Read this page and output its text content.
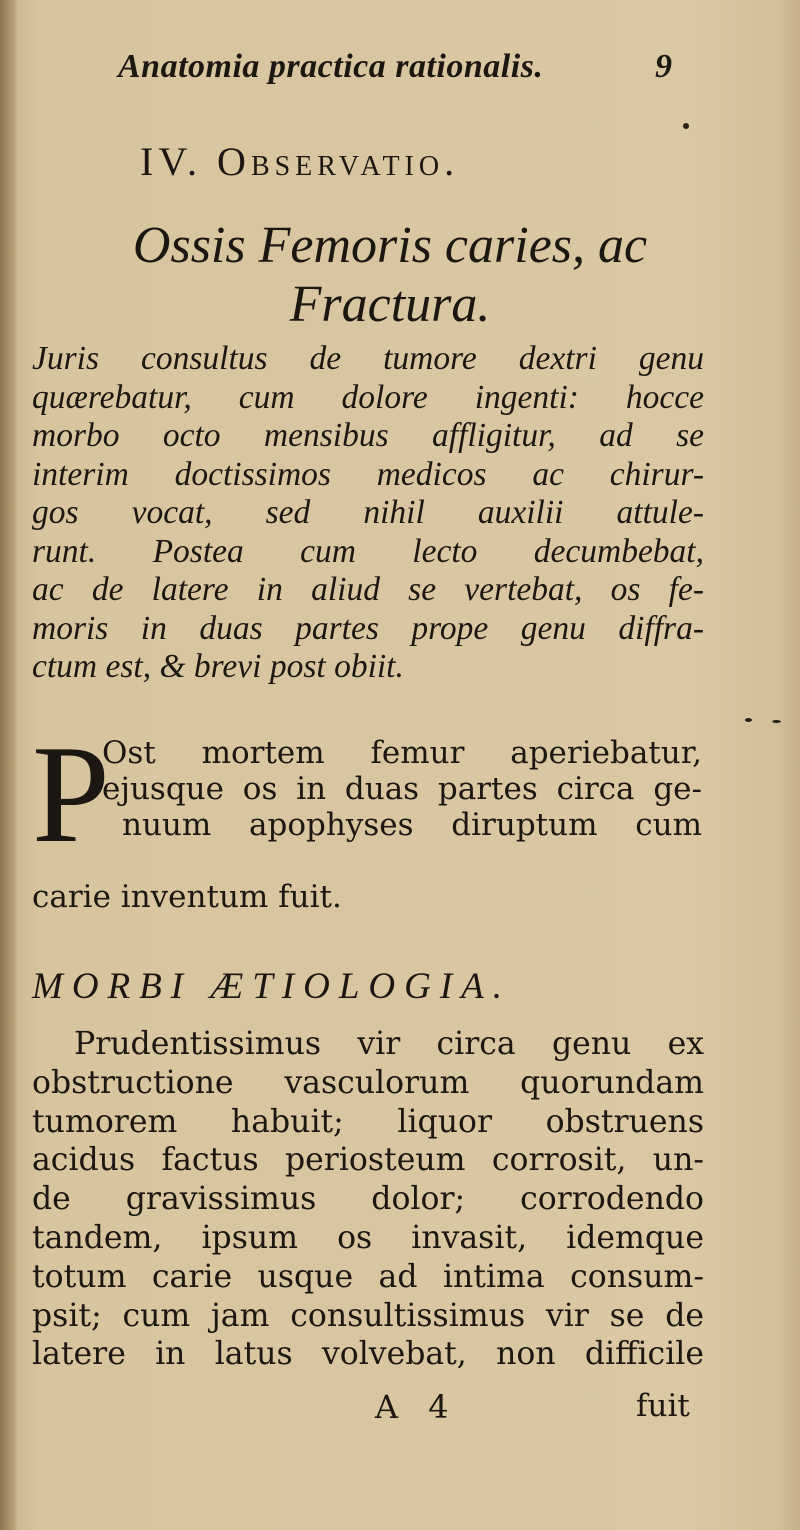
Anatomia practica rationalis.	9
IV. Observatio.
Ossis Femoris caries, ac
Fractura.
Juris consultus de tumore dextri genu
quærebatur, cum dolore ingenti: hocce
morbo octo mensibus affligitur, ad se
interim doctissimos medicos ac chirur-
gos vocat, sed nihil auxilii attule-
runt. Postea cum lecto decumbebat,
ac de latere in aliud se vertebat, os fe-
moris in duas partes prope genu diffra-
ctum est, & brevi post obiit.
P
Ost mortem femur aperiebatur,
ejusque os in duas partes circa ge-
nuum apophyses diruptum cum
carie inventum fuit.
MORBI ÆTIOLOGIA.
Prudentissimus vir circa genu ex
obstructione vasculorum quorundam
tumorem habuit; liquor obstruens
acidus factus periosteum corrosit, un-
de gravissimus dolor; corrodendo
tandem, ipsum os invasit, idemque
totum carie usque ad intima consum-
psit; cum jam consultissimus vir se de
latere in latus volvebat, non difficile
A 4	fuit
